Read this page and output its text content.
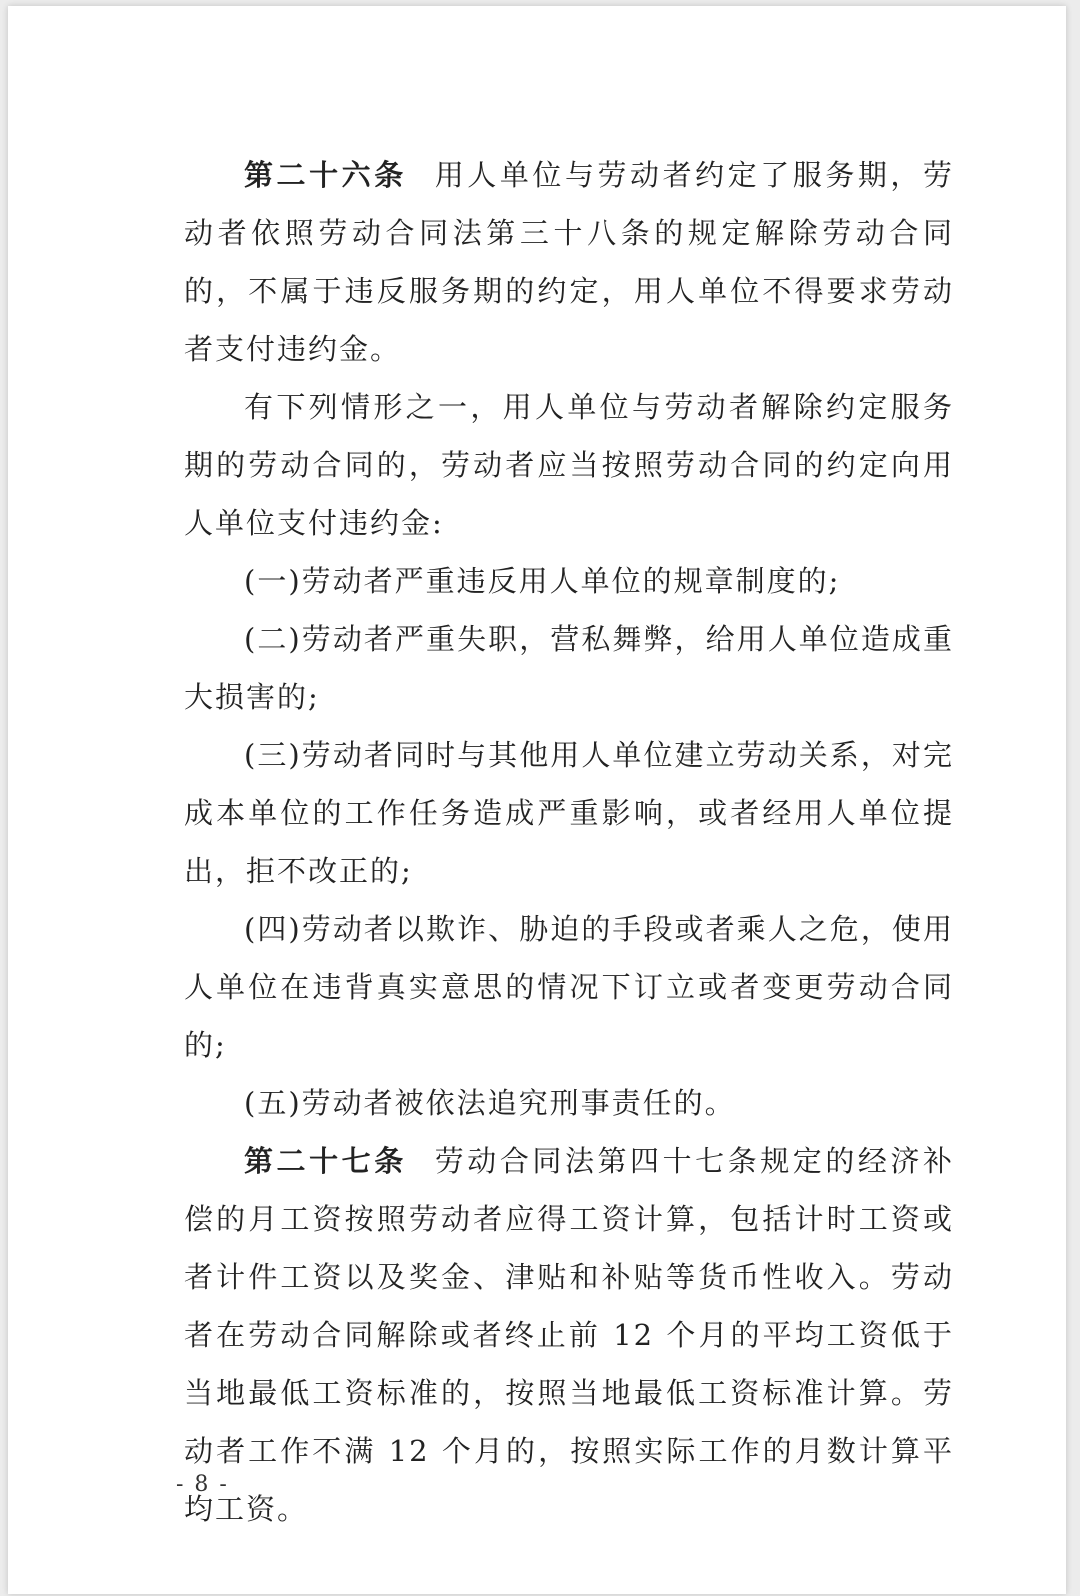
第二十六条 用人单位与劳动者约定了服务期，劳动者依照劳动合同法第三十八条的规定解除劳动合同的，不属于违反服务期的约定，用人单位不得要求劳动者支付违约金。

有下列情形之一，用人单位与劳动者解除约定服务期的劳动合同的，劳动者应当按照劳动合同的约定向用人单位支付违约金:

(一)劳动者严重违反用人单位的规章制度的;

(二)劳动者严重失职，营私舞弊，给用人单位造成重大损害的;

(三)劳动者同时与其他用人单位建立劳动关系，对完成本单位的工作任务造成严重影响，或者经用人单位提出，拒不改正的;

(四)劳动者以欺诈、胁迫的手段或者乘人之危，使用人单位在违背真实意思的情况下订立或者变更劳动合同的;

(五)劳动者被依法追究刑事责任的。

第二十七条 劳动合同法第四十七条规定的经济补偿的月工资按照劳动者应得工资计算，包括计时工资或者计件工资以及奖金、津贴和补贴等货币性收入。劳动者在劳动合同解除或者终止前 12 个月的平均工资低于当地最低工资标准的，按照当地最低工资标准计算。劳动者工作不满 12 个月的，按照实际工作的月数计算平均工资。

- 8 -
